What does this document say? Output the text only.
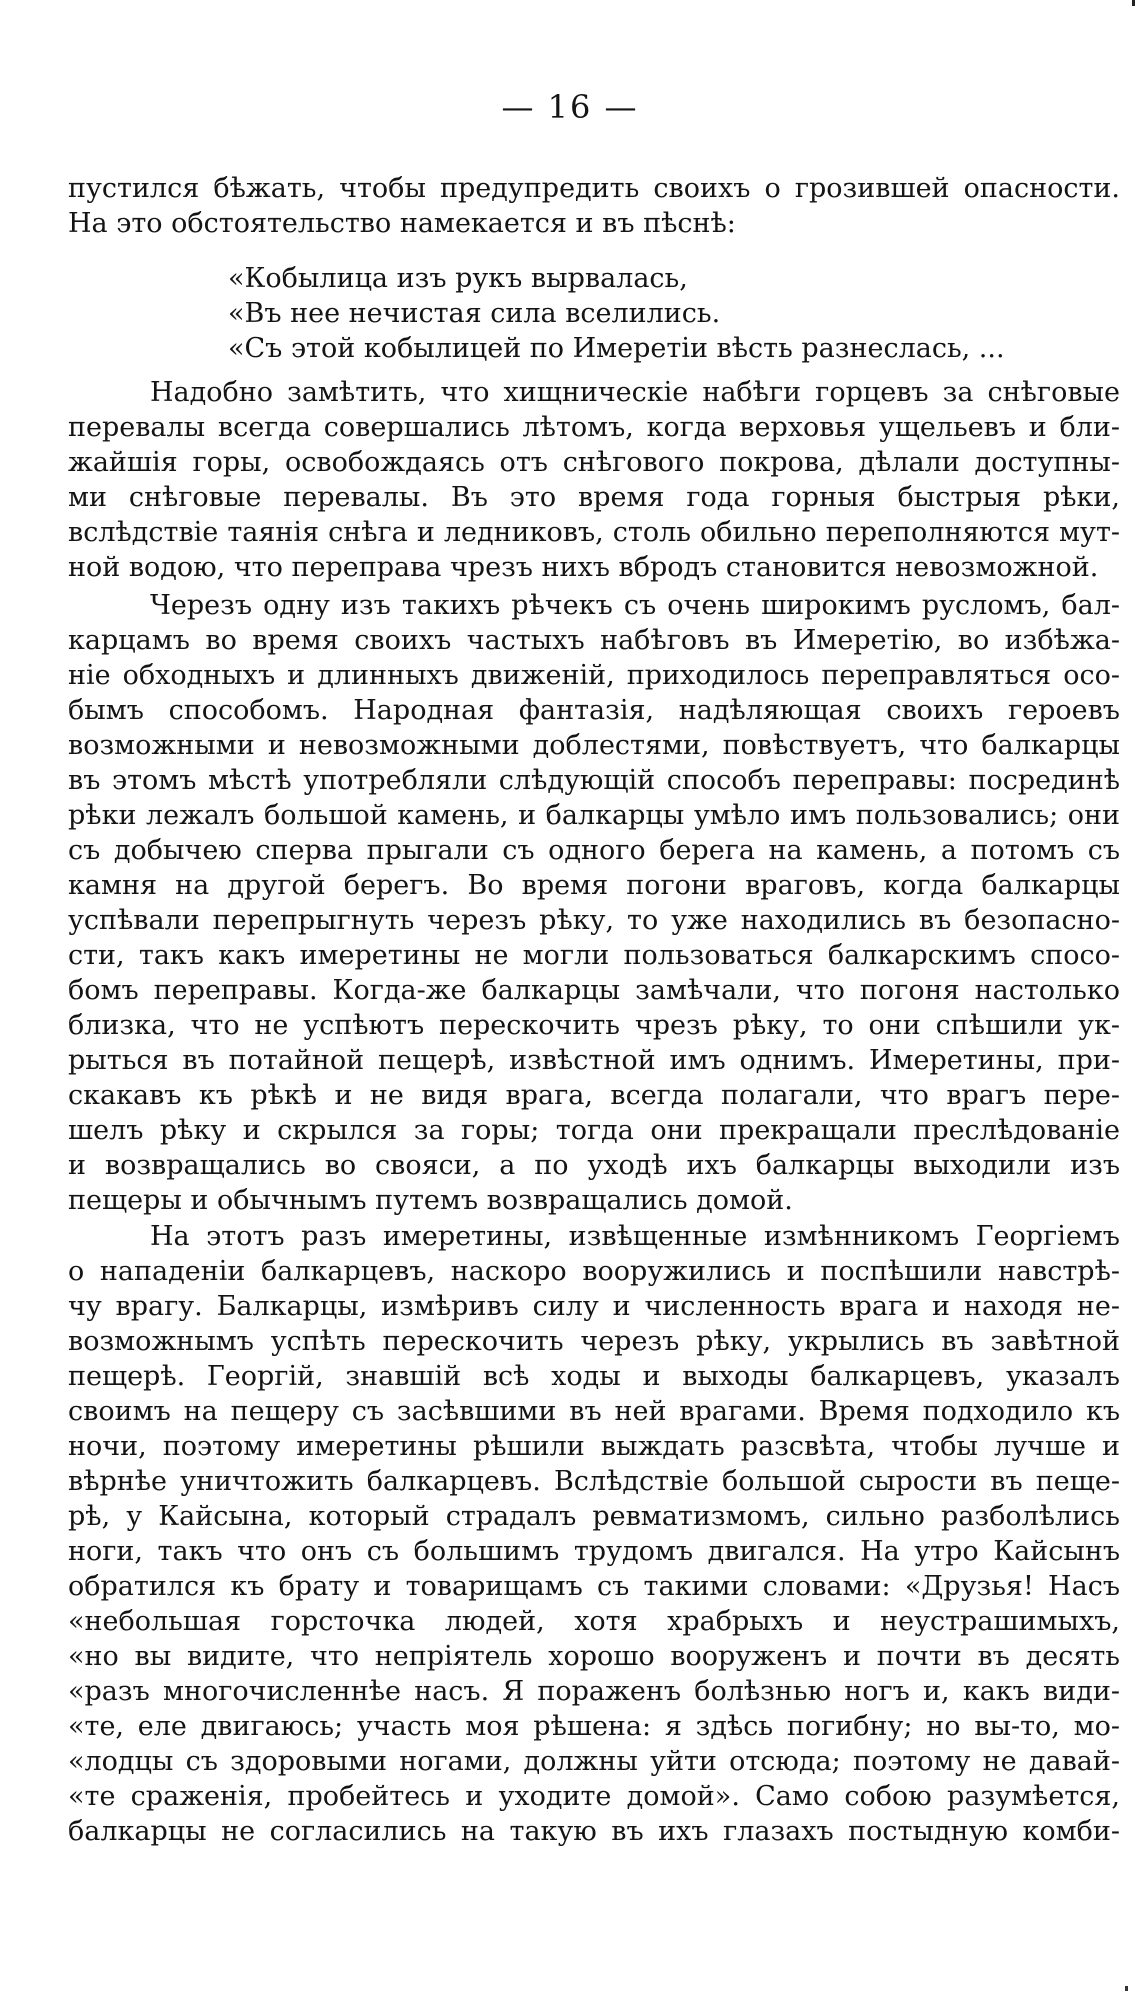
— 16 —
пустился бѣжать, чтобы предупредить своихъ о грозившей опасности.
На это обстоятельство намекается и въ пѣснѣ:
«Кобылица изъ рукъ вырвалась,
«Въ нее нечистая сила вселились.
«Съ этой кобылицей по Имеретіи вѣсть разнеслась, ...
Надобно замѣтить, что хищническіе набѣги горцевъ за снѣговые
перевалы всегда совершались лѣтомъ, когда верховья ущельевъ и бли-
жайшія горы, освобождаясь отъ снѣгового покрова, дѣлали доступны-
ми снѣговые перевалы. Въ это время года горныя быстрыя рѣки,
вслѣдствіе таянія снѣга и ледниковъ, столь обильно переполняются мут-
ной водою, что переправа чрезъ нихъ вбродъ становится невозможной.
Черезъ одну изъ такихъ рѣчекъ съ очень широкимъ русломъ, бал-
карцамъ во время своихъ частыхъ набѣговъ въ Имеретію, во избѣжа-
ніе обходныхъ и длинныхъ движеній, приходилось переправляться осо-
бымъ способомъ. Народная фантазія, надѣляющая своихъ героевъ
возможными и невозможными доблестями, повѣствуетъ, что балкарцы
въ этомъ мѣстѣ употребляли слѣдующій способъ переправы: посрединѣ
рѣки лежалъ большой камень, и балкарцы умѣло имъ пользовались; они
съ добычею сперва прыгали съ одного берега на камень, а потомъ съ
камня на другой берегъ. Во время погони враговъ, когда балкарцы
успѣвали перепрыгнуть черезъ рѣку, то уже находились въ безопасно-
сти, такъ какъ имеретины не могли пользоваться балкарскимъ спосо-
бомъ переправы. Когда-же балкарцы замѣчали, что погоня настолько
близка, что не успѣютъ перескочить чрезъ рѣку, то они спѣшили ук-
рыться въ потайной пещерѣ, извѣстной имъ однимъ. Имеретины, при-
скакавъ къ рѣкѣ и не видя врага, всегда полагали, что врагъ пере-
шелъ рѣку и скрылся за горы; тогда они прекращали преслѣдованіе
и возвращались во свояси, а по уходѣ ихъ балкарцы выходили изъ
пещеры и обычнымъ путемъ возвращались домой.
На этотъ разъ имеретины, извѣщенные измѣнникомъ Георгіемъ
о нападеніи балкарцевъ, наскоро вооружились и поспѣшили навстрѣ-
чу врагу. Балкарцы, измѣривъ силу и численность врага и находя не-
возможнымъ успѣть перескочить черезъ рѣку, укрылись въ завѣтной
пещерѣ. Георгій, знавшій всѣ ходы и выходы балкарцевъ, указалъ
своимъ на пещеру съ засѣвшими въ ней врагами. Время подходило къ
ночи, поэтому имеретины рѣшили выждать разсвѣта, чтобы лучше и
вѣрнѣе уничтожить балкарцевъ. Вслѣдствіе большой сырости въ пеще-
рѣ, у Кайсына, который страдалъ ревматизмомъ, сильно разболѣлись
ноги, такъ что онъ съ большимъ трудомъ двигался. На утро Кайсынъ
обратился къ брату и товарищамъ съ такими словами: «Друзья! Насъ
«небольшая горсточка людей, хотя храбрыхъ и неустрашимыхъ,
«но вы видите, что непріятель хорошо вооруженъ и почти въ десять
«разъ многочисленнѣе насъ. Я пораженъ болѣзнью ногъ и, какъ види-
«те, еле двигаюсь; участь моя рѣшена: я здѣсь погибну; но вы-то, мо-
«лодцы съ здоровыми ногами, должны уйти отсюда; поэтому не давай-
«те сраженія, пробейтесь и уходите домой». Само собою разумѣется,
балкарцы не согласились на такую въ ихъ глазахъ постыдную комби-
